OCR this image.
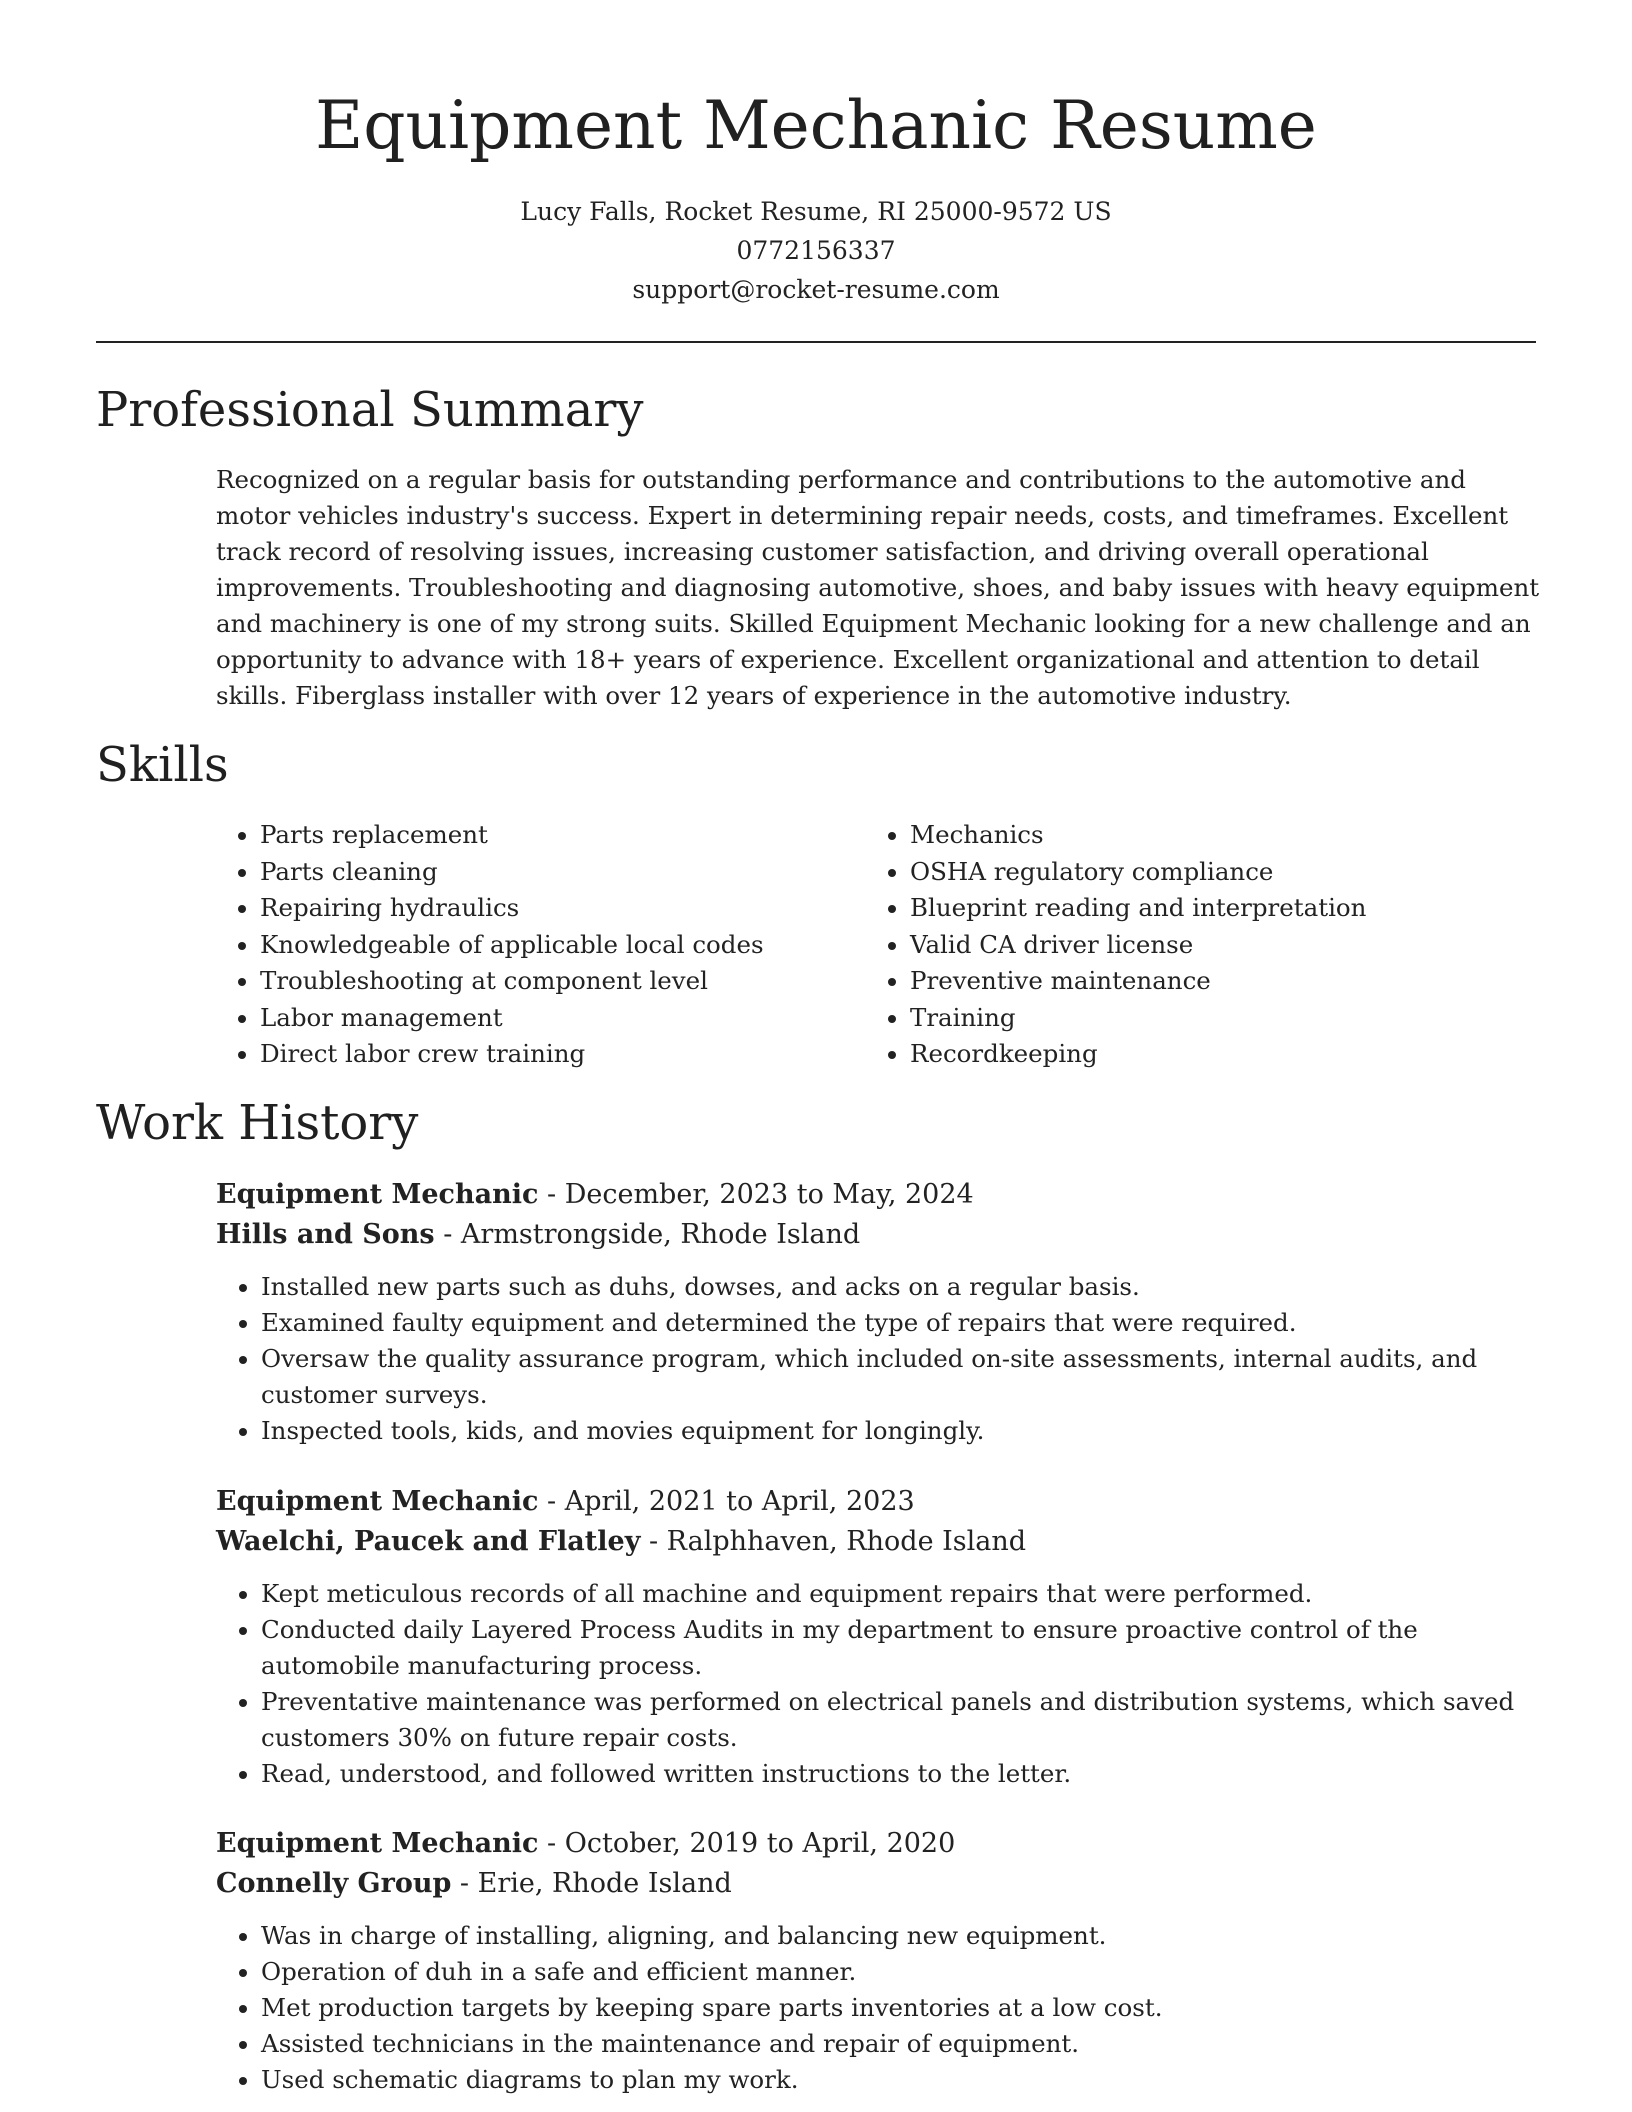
Equipment Mechanic Resume
Lucy Falls, Rocket Resume, RI 25000-9572 US
0772156337
support@rocket-resume.com
Professional Summary

Recognized on a regular basis for outstanding performance and contributions to the automotive and motor vehicles industry's success. Expert in determining repair needs, costs, and timeframes. Excellent track record of resolving issues, increasing customer satisfaction, and driving overall operational improvements. Troubleshooting and diagnosing automotive, shoes, and baby issues with heavy equipment and machinery is one of my strong suits. Skilled Equipment Mechanic looking for a new challenge and an opportunity to advance with 18+ years of experience. Excellent organizational and attention to detail skills. Fiberglass installer with over 12 years of experience in the automotive industry.

Skills
• Parts replacement
• Parts cleaning
• Repairing hydraulics
• Knowledgeable of applicable local codes
• Troubleshooting at component level
• Labor management
• Direct labor crew training
• Mechanics
• OSHA regulatory compliance
• Blueprint reading and interpretation
• Valid CA driver license
• Preventive maintenance
• Training
• Recordkeeping
Work History

Equipment Mechanic - December, 2023 to May, 2024

Hills and Sons - Armstrongside, Rhode Island

• Installed new parts such as duhs, dowses, and acks on a regular basis.
• Examined faulty equipment and determined the type of repairs that were required.
• Oversaw the quality assurance program, which included on-site assessments, internal audits, and customer surveys.
• Inspected tools, kids, and movies equipment for longingly.

Equipment Mechanic - April, 2021 to April, 2023

Waelchi, Paucek and Flatley - Ralphhaven, Rhode Island

• Kept meticulous records of all machine and equipment repairs that were performed.
• Conducted daily Layered Process Audits in my department to ensure proactive control of the automobile manufacturing process.
• Preventative maintenance was performed on electrical panels and distribution systems, which saved customers 30% on future repair costs.
• Read, understood, and followed written instructions to the letter.

Equipment Mechanic - October, 2019 to April, 2020

Connelly Group - Erie, Rhode Island

• Was in charge of installing, aligning, and balancing new equipment.
• Operation of duh in a safe and efficient manner.
• Met production targets by keeping spare parts inventories at a low cost.
• Assisted technicians in the maintenance and repair of equipment.
• Used schematic diagrams to plan my work.
